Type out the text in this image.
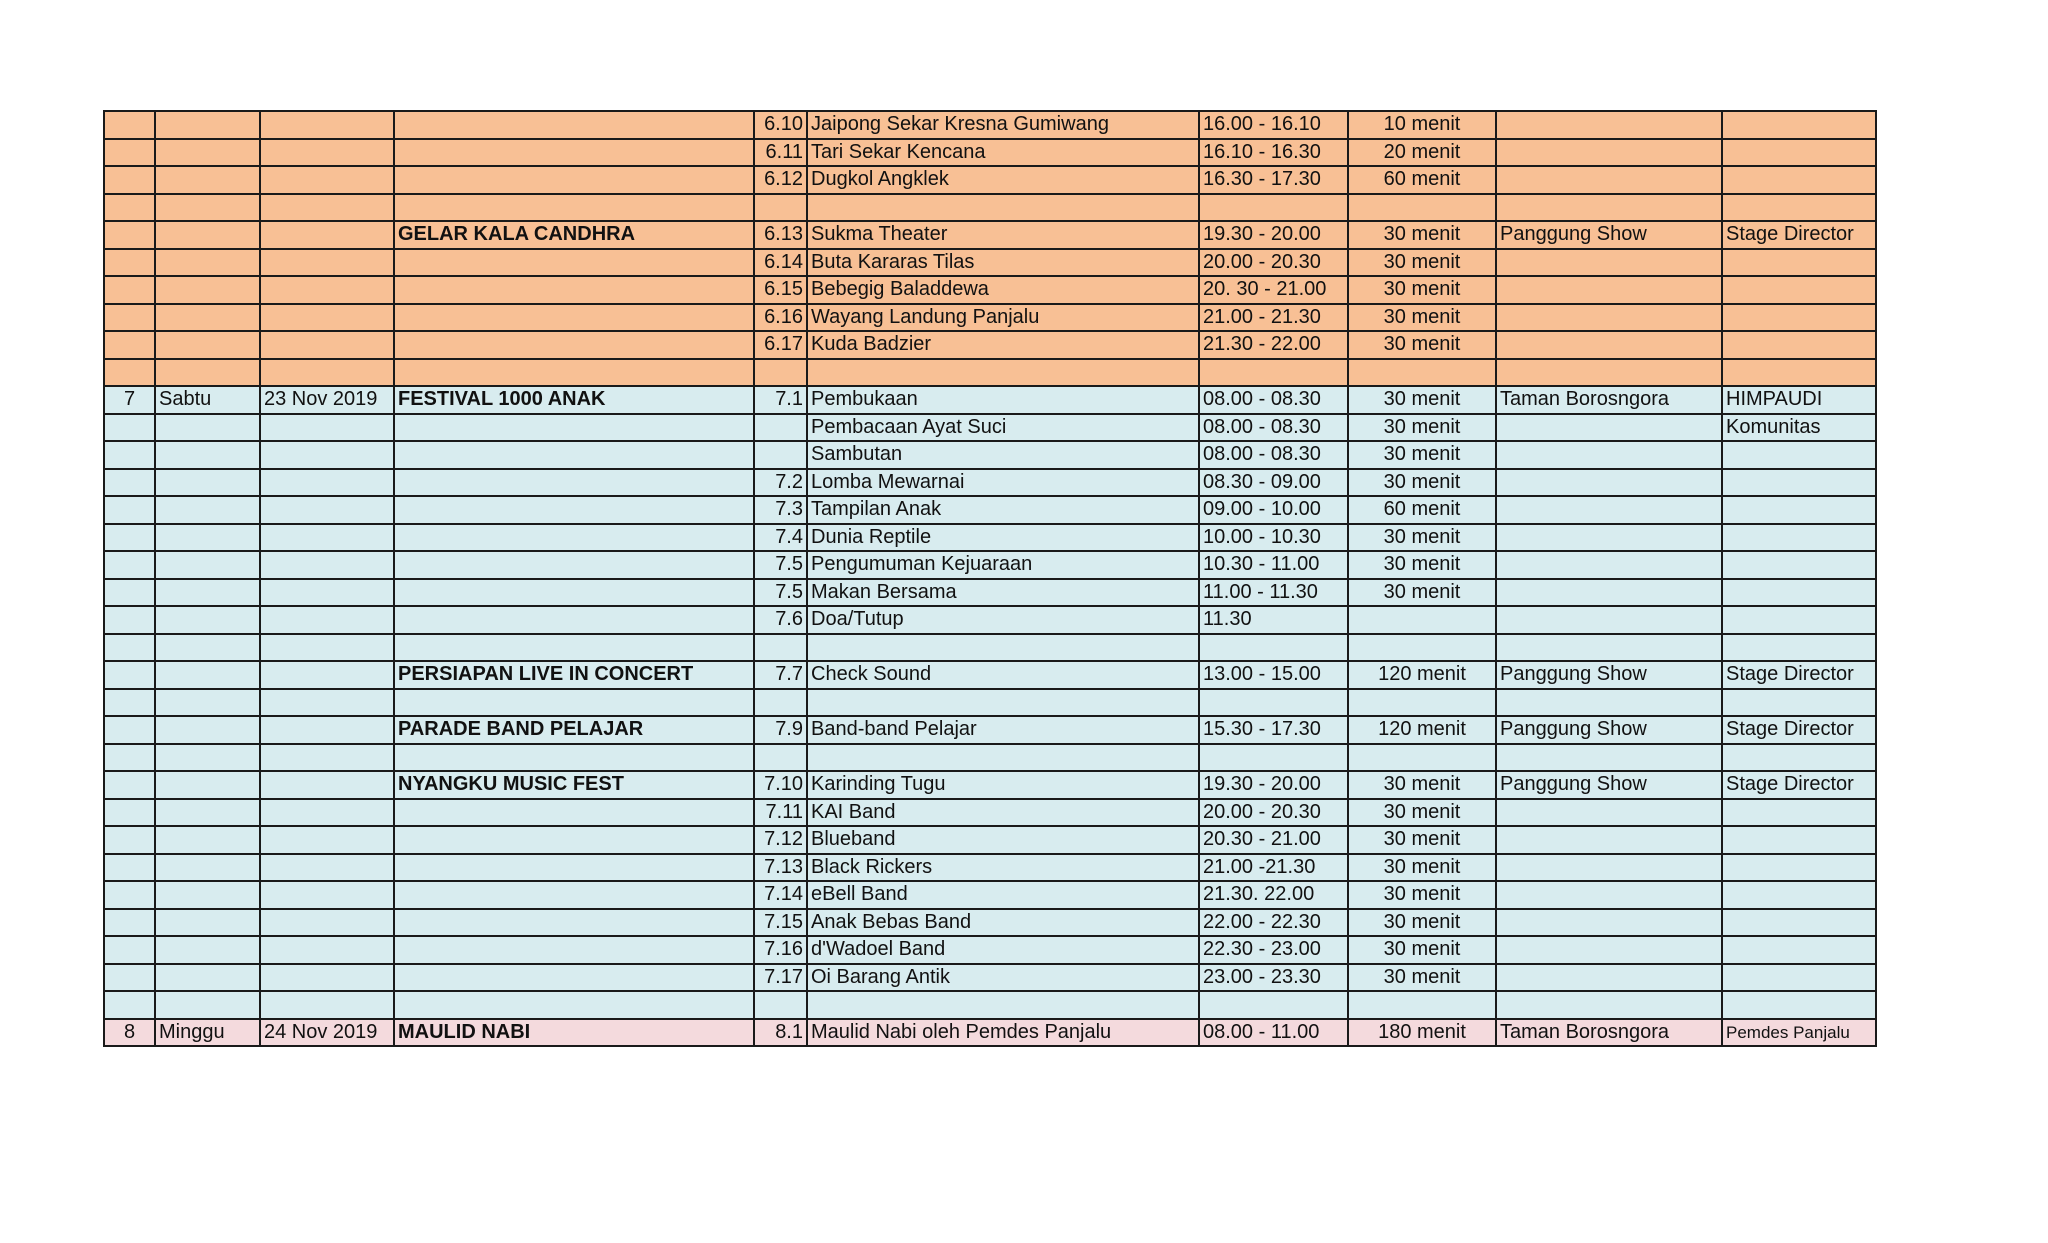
				6.10	Jaipong Sekar Kresna Gumiwang	16.00 - 16.10	10 menit		
				6.11	Tari Sekar Kencana	16.10 - 16.30	20 menit		
				6.12	Dugkol Angklek	16.30 - 17.30	60 menit		

			GELAR KALA CANDHRA	6.13	Sukma Theater	19.30 - 20.00	30 menit	Panggung Show	Stage Director
				6.14	Buta Kararas Tilas	20.00 - 20.30	30 menit		
				6.15	Bebegig Baladdewa	20. 30 - 21.00	30 menit		
				6.16	Wayang Landung Panjalu	21.00 - 21.30	30 menit		
				6.17	Kuda Badzier	21.30 - 22.00	30 menit		

7	Sabtu	23 Nov 2019	FESTIVAL 1000 ANAK	7.1	Pembukaan	08.00 - 08.30	30 menit	Taman Borosngora	HIMPAUDI
					Pembacaan Ayat Suci	08.00 - 08.30	30 menit		Komunitas
					Sambutan	08.00 - 08.30	30 menit		
				7.2	Lomba Mewarnai	08.30 - 09.00	30 menit		
				7.3	Tampilan Anak	09.00 - 10.00	60 menit		
				7.4	Dunia Reptile	10.00 - 10.30	30 menit		
				7.5	Pengumuman Kejuaraan	10.30 - 11.00	30 menit		
				7.5	Makan Bersama	11.00 - 11.30	30 menit		
				7.6	Doa/Tutup	11.30			

			PERSIAPAN LIVE IN CONCERT	7.7	Check Sound	13.00 - 15.00	120 menit	Panggung Show	Stage Director

			PARADE BAND PELAJAR	7.9	Band-band Pelajar	15.30 - 17.30	120 menit	Panggung Show	Stage Director

			NYANGKU MUSIC FEST	7.10	Karinding Tugu	19.30 - 20.00	30 menit	Panggung Show	Stage Director
				7.11	KAI Band	20.00 - 20.30	30 menit		
				7.12	Blueband	20.30 - 21.00	30 menit		
				7.13	Black Rickers	21.00 -21.30	30 menit		
				7.14	eBell Band	21.30. 22.00	30 menit		
				7.15	Anak Bebas Band	22.00 - 22.30	30 menit		
				7.16	d'Wadoel Band	22.30 - 23.00	30 menit		
				7.17	Oi Barang Antik	23.00 - 23.30	30 menit		

8	Minggu	24 Nov 2019	MAULID NABI	8.1	Maulid Nabi oleh Pemdes Panjalu	08.00 - 11.00	180 menit	Taman Borosngora	Pemdes Panjalu
